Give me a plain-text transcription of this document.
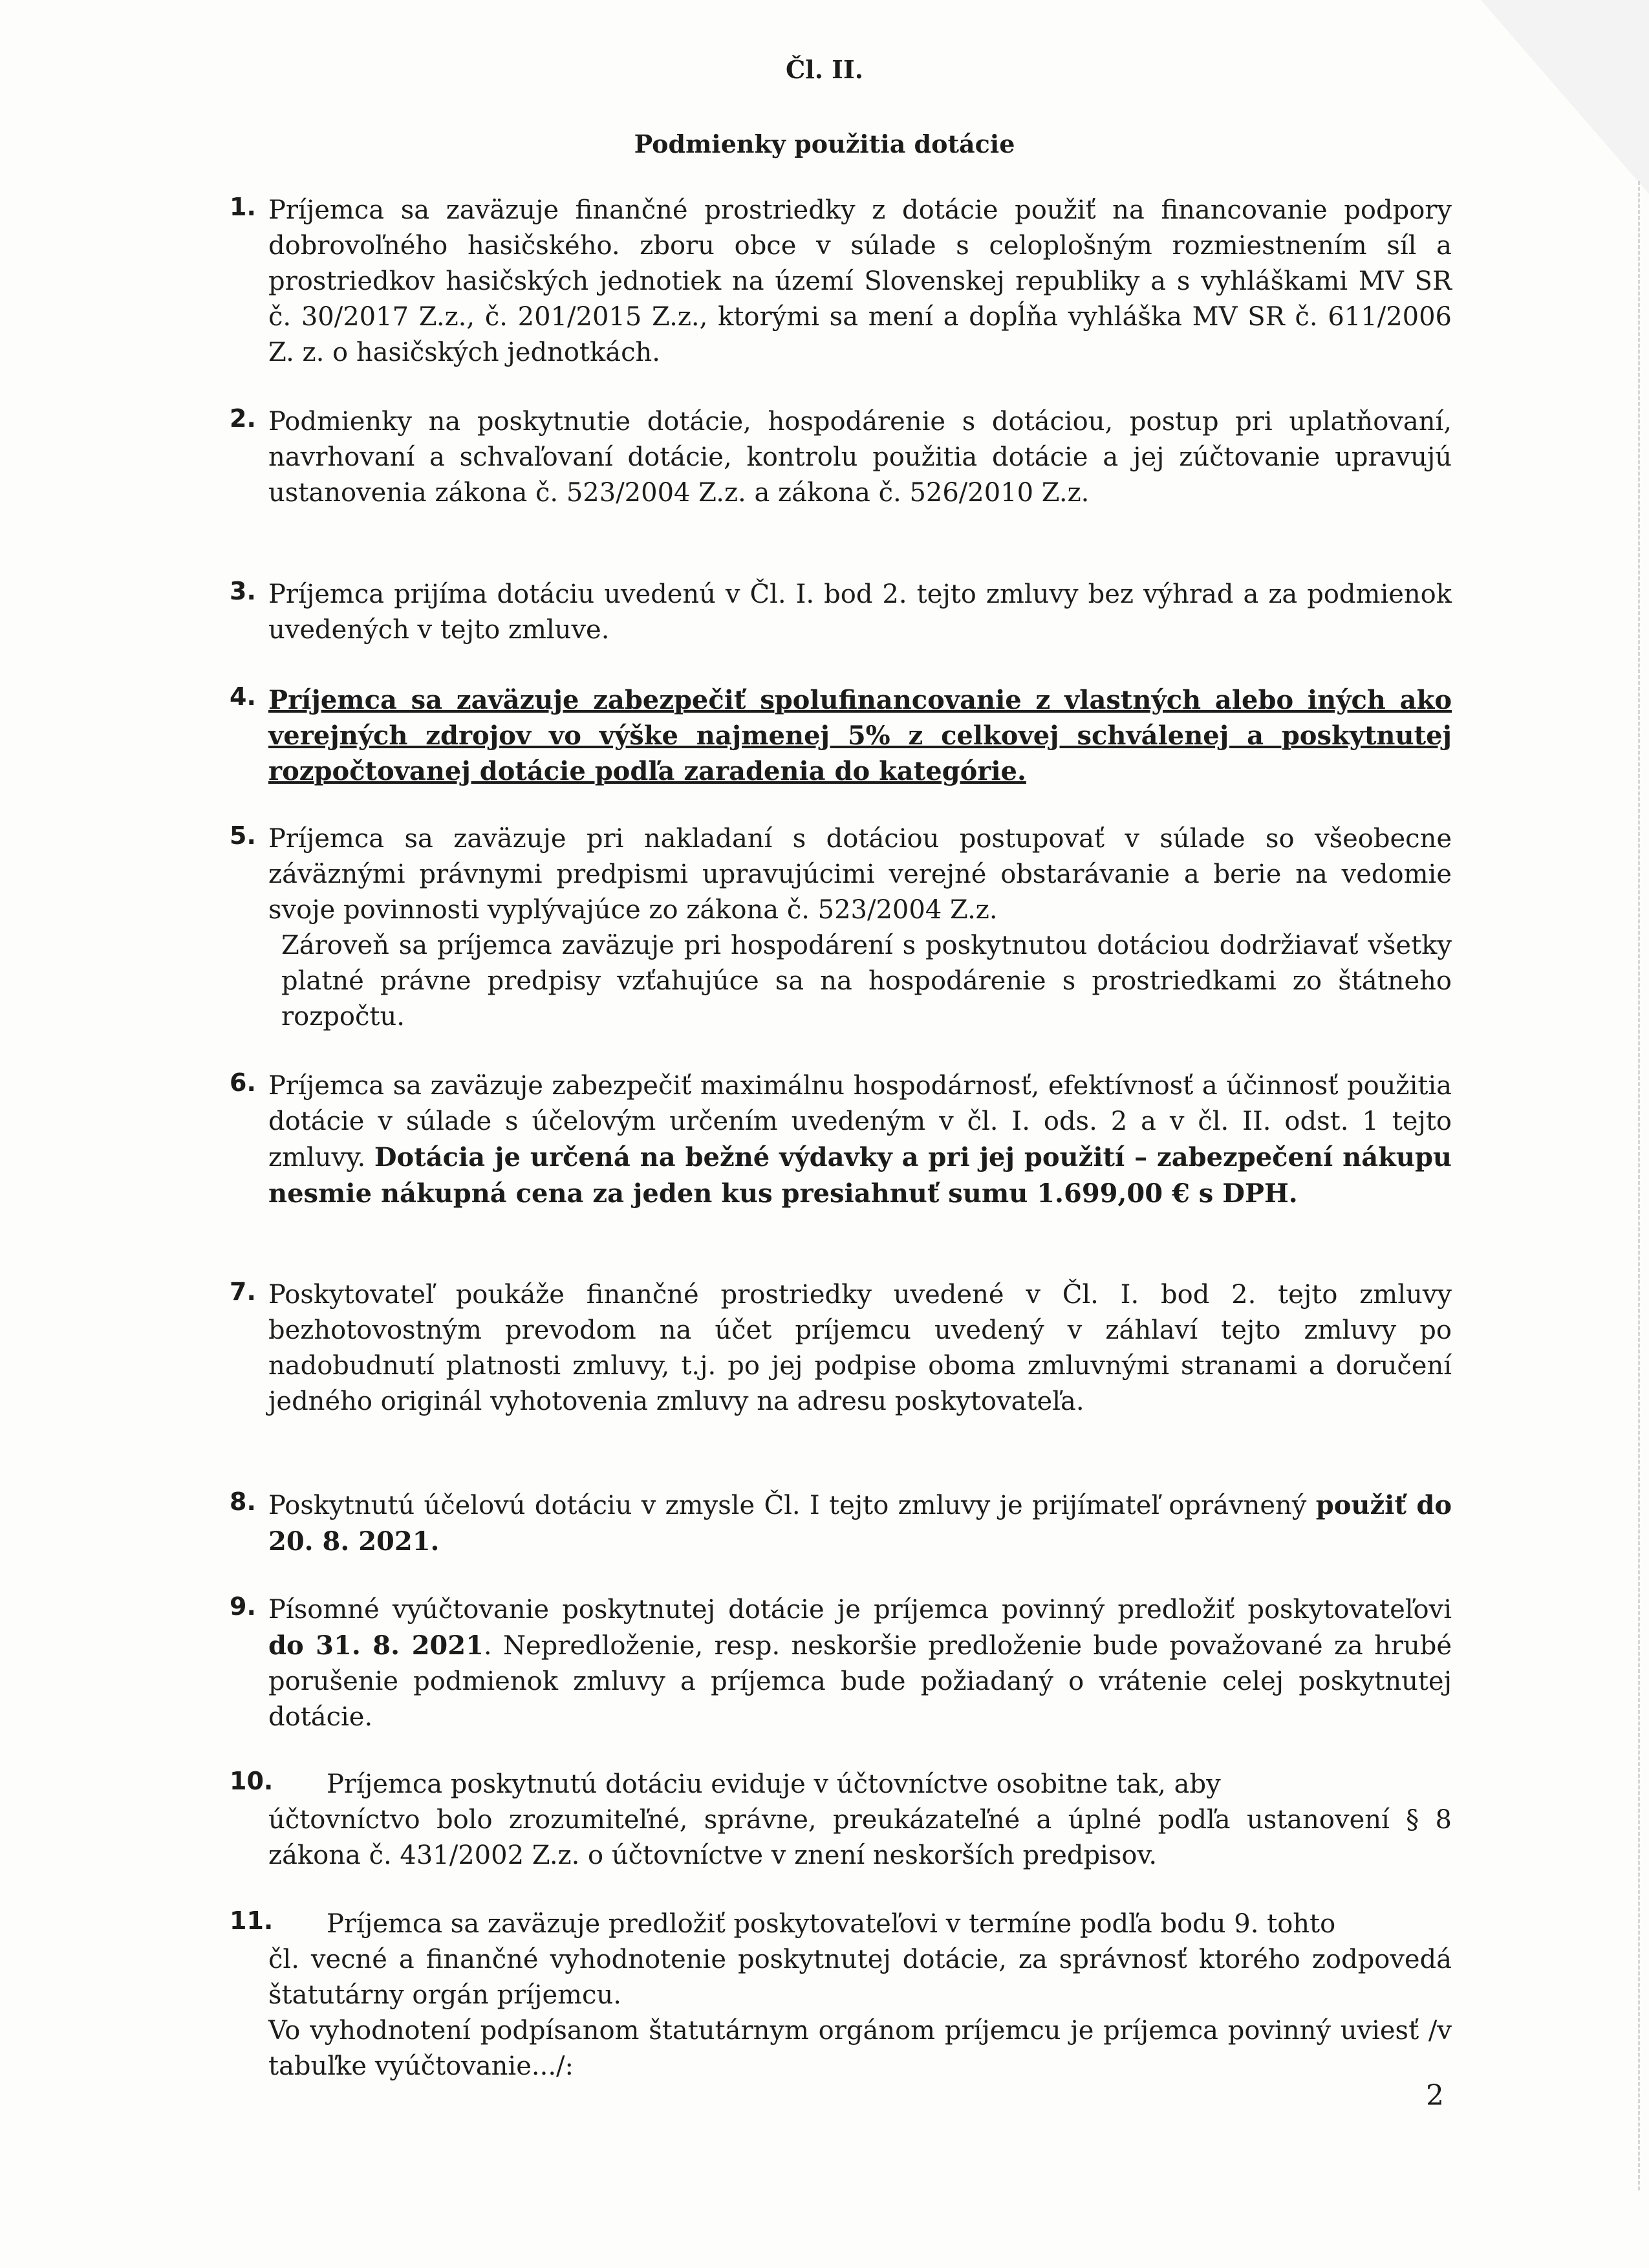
Čl. II.
Podmienky použitia dotácie
1. Príjemca sa zaväzuje finančné prostriedky z dotácie použiť na financovanie podpory dobrovoľného hasičského. zboru obce v súlade s celoplošným rozmiestnením síl a prostriedkov hasičských jednotiek na území Slovenskej republiky a s vyhláškami MV SR č. 30/2017 Z.z., č. 201/2015 Z.z., ktorými sa mení a dopĺňa vyhláška MV SR č. 611/2006 Z. z. o hasičských jednotkách.
2. Podmienky na poskytnutie dotácie, hospodárenie s dotáciou, postup pri uplatňovaní, navrhovaní a schvaľovaní dotácie, kontrolu použitia dotácie a jej zúčtovanie upravujú ustanovenia zákona č. 523/2004 Z.z. a zákona č. 526/2010 Z.z.
3. Príjemca prijíma dotáciu uvedenú v Čl. I. bod 2. tejto zmluvy bez výhrad a za podmienok uvedených v tejto zmluve.
4. Príjemca sa zaväzuje zabezpečiť spolufinancovanie z vlastných alebo iných ako verejných zdrojov vo výške najmenej 5% z celkovej schválenej a poskytnutej rozpočtovanej dotácie podľa zaradenia do kategórie.
5. Príjemca sa zaväzuje pri nakladaní s dotáciou postupovať v súlade so všeobecne záväznými právnymi predpismi upravujúcimi verejné obstarávanie a berie na vedomie svoje povinnosti vyplývajúce zo zákona č. 523/2004 Z.z.
Zároveň sa príjemca zaväzuje pri hospodárení s poskytnutou dotáciou dodržiavať všetky platné právne predpisy vzťahujúce sa na hospodárenie s prostriedkami zo štátneho rozpočtu.
6. Príjemca sa zaväzuje zabezpečiť maximálnu hospodárnosť, efektívnosť a účinnosť použitia dotácie v súlade s účelovým určením uvedeným v čl. I. ods. 2 a v čl. II. odst. 1 tejto zmluvy. Dotácia je určená na bežné výdavky a pri jej použití – zabezpečení nákupu nesmie nákupná cena za jeden kus presiahnuť sumu 1.699,00 € s DPH.
7. Poskytovateľ poukáže finančné prostriedky uvedené v Čl. I. bod 2. tejto zmluvy bezhotovostným prevodom na účet príjemcu uvedený v záhlaví tejto zmluvy po nadobudnutí platnosti zmluvy, t.j. po jej podpise oboma zmluvnými stranami a doručení jedného originál vyhotovenia zmluvy na adresu poskytovateľa.
8. Poskytnutú účelovú dotáciu v zmysle Čl. I tejto zmluvy je prijímateľ oprávnený použiť do 20. 8. 2021.
9. Písomné vyúčtovanie poskytnutej dotácie je príjemca povinný predložiť poskytovateľovi do 31. 8. 2021. Nepredloženie, resp. neskoršie predloženie bude považované za hrubé porušenie podmienok zmluvy a príjemca bude požiadaný o vrátenie celej poskytnutej dotácie.
10. Príjemca poskytnutú dotáciu eviduje v účtovníctve osobitne tak, aby
účtovníctvo bolo zrozumiteľné, správne, preukázateľné a úplné podľa ustanovení § 8 zákona č. 431/2002 Z.z. o účtovníctve v znení neskorších predpisov.
11. Príjemca sa zaväzuje predložiť poskytovateľovi v termíne podľa bodu 9. tohto
čl. vecné a finančné vyhodnotenie poskytnutej dotácie, za správnosť ktorého zodpovedá štatutárny orgán príjemcu.
Vo vyhodnotení podpísanom štatutárnym orgánom príjemcu je príjemca povinný uviesť /v tabuľke vyúčtovanie.../:
2
